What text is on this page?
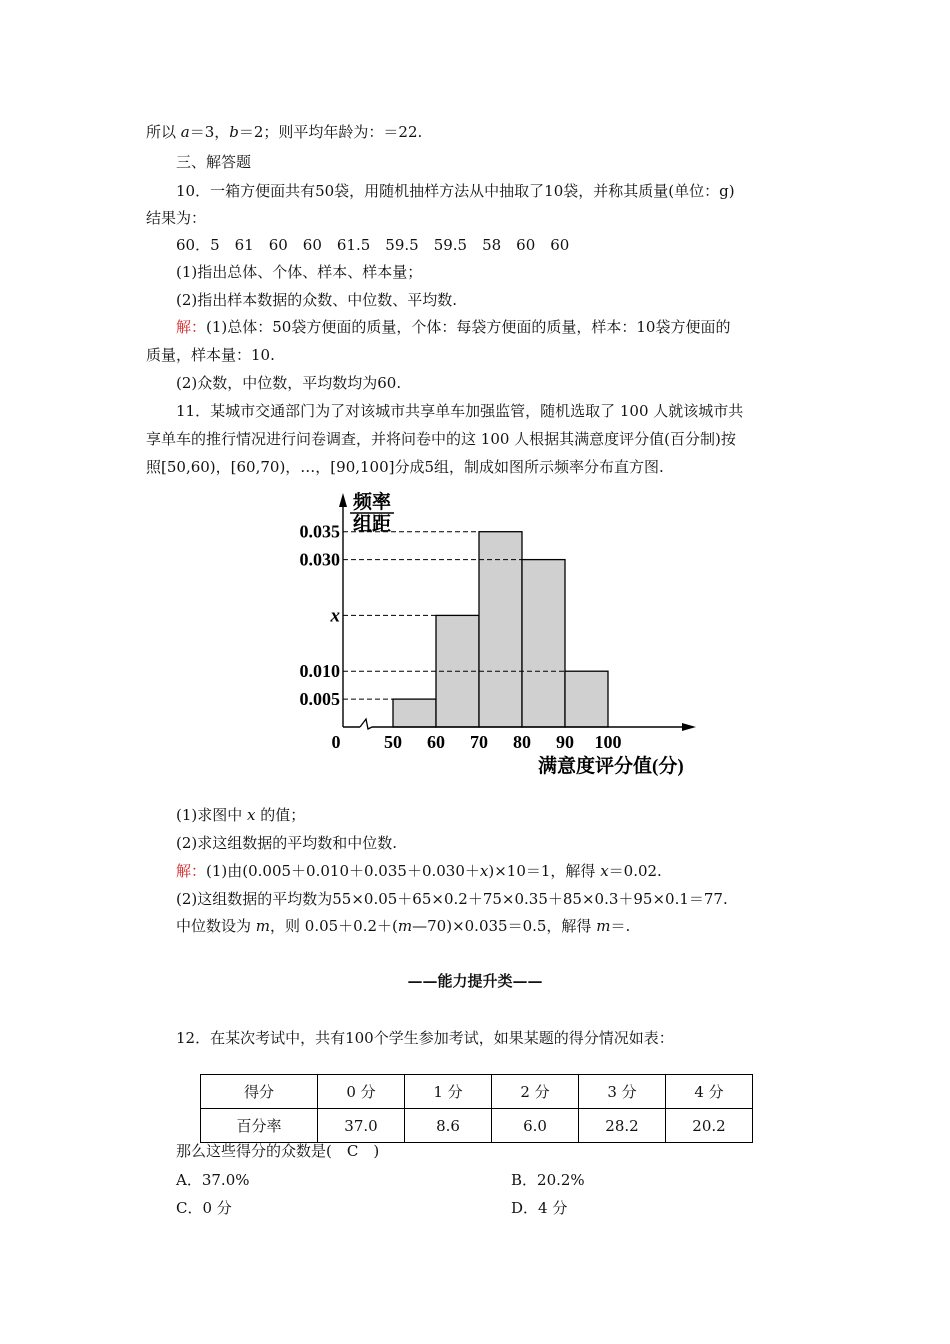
所以 a＝3，b＝2；则平均年龄为：＝22.
三、解答题
10．一箱方便面共有50袋，用随机抽样方法从中抽取了10袋，并称其质量(单位：g)
结果为：
60．5　61　60　60　61.5　59.5　59.5　58　60　60
(1)指出总体、个体、样本、样本量；
(2)指出样本数据的众数、中位数、平均数.
解：(1)总体：50袋方便面的质量，个体：每袋方便面的质量，样本：10袋方便面的
质量，样本量：10.
(2)众数，中位数，平均数均为60.
11．某城市交通部门为了对该城市共享单车加强监管，随机选取了 100 人就该城市共
享单车的推行情况进行问卷调查，并将问卷中的这 100 人根据其满意度评分值(百分制)按
照[50,60)，[60,70)，…，[90,100]分成5组，制成如图所示频率分布直方图.
0.035
0.030
x
0.010
0.005
0 50 60 70 80 90 100
频率
组距
满意度评分值(分)
(1)求图中 x 的值；
(2)求这组数据的平均数和中位数.
解：(1)由(0.005＋0.010＋0.035＋0.030＋x)×10＝1，解得 x＝0.02.
(2)这组数据的平均数为55×0.05＋65×0.2＋75×0.35＋85×0.3＋95×0.1＝77.
中位数设为 m，则 0.05＋0.2＋(m—70)×0.035＝0.5，解得 m＝.
——能力提升类——
12．在某次考试中，共有100个学生参加考试，如果某题的得分情况如表：
得分	0 分	1 分	2 分	3 分	4 分
百分率	37.0	8.6	6.0	28.2	20.2
那么这些得分的众数是(　C　)
A．37.0%	B．20.2%
C．0 分	D．4 分
